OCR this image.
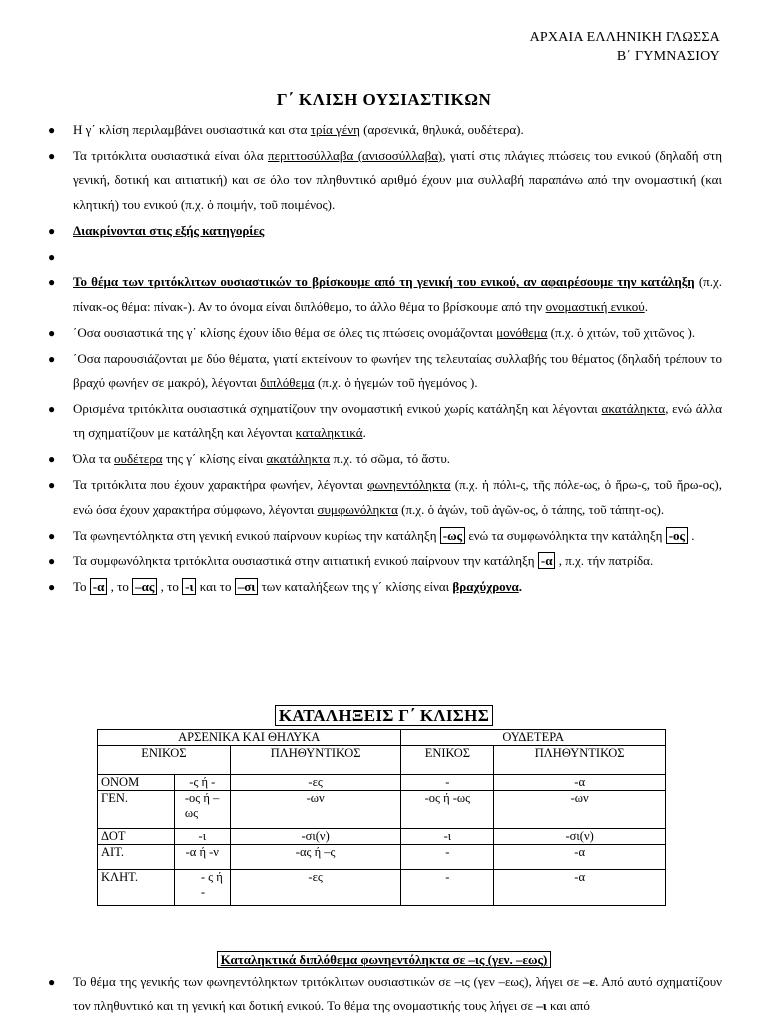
ΑΡΧΑΙΑ ΕΛΛΗΝΙΚΗ ΓΛΩΣΣΑ
Β΄ ΓΥΜΝΑΣΙΟΥ
Γ΄ ΚΛΙΣΗ ΟΥΣΙΑΣΤΙΚΩΝ
● Η γ΄ κλίση περιλαμβάνει ουσιαστικά και στα τρία γένη (αρσενικά, θηλυκά, ουδέτερα).
● Τα τριτόκλιτα ουσιαστικά είναι όλα περιττοσύλλαβα (ανισοσύλλαβα), γιατί στις πλάγιες πτώσεις του ενικού (δηλαδή στη γενική, δοτική και αιτιατική) και σε όλο τον πληθυντικό αριθμό έχουν μια συλλαβή παραπάνω από την ονομαστική (και κλητική) του ενικού (π.χ. ὁ ποιμήν, τοῦ ποιμένος).
● Διακρίνονται στις εξής κατηγορίες
●

● Το θέμα των τριτόκλιτων ουσιαστικών το βρίσκουμε από τη γενική του ενικού, αν αφαιρέσουμε την κατάληξη (π.χ. πίνακ-ος θέμα: πίνακ-). Αν το όνομα είναι διπλόθεμο, το άλλο θέμα το βρίσκουμε από την ονομαστική ενικού.
● ΄Οσα ουσιαστικά της γ΄ κλίσης έχουν ίδιο θέμα σε όλες τις πτώσεις ονομάζονται μονόθεμα (π.χ. ὁ χιτών, τοῦ χιτῶνος ).
● ΄Οσα παρουσιάζονται με δύο θέματα, γιατί εκτείνουν το φωνήεν της τελευταίας συλλαβής του θέματος (δηλαδή τρέπουν το βραχύ φωνήεν σε μακρό), λέγονται διπλόθεμα (π.χ. ὁ ἡγεμών τοῦ ἡγεμόνος ).
● Ορισμένα τριτόκλιτα ουσιαστικά σχηματίζουν την ονομαστική ενικού χωρίς κατάληξη και λέγονται ακατάληκτα, ενώ άλλα τη σχηματίζουν με κατάληξη και λέγονται καταληκτικά.
● Όλα τα ουδέτερα της γ΄ κλίσης είναι ακατάληκτα π.χ. τό σῶμα, τό ἄστυ.
● Τα τριτόκλιτα που έχουν χαρακτήρα φωνήεν, λέγονται φωνηεντόληκτα (π.χ. ἡ πόλι-ς, τῆς πόλε-ως, ὁ ἥρω-ς, τοῦ ἥρω-ος), ενώ όσα έχουν χαρακτήρα σύμφωνο, λέγονται συμφωνόληκτα (π.χ. ὁ ἀγών, τοῦ ἀγῶν-ος, ὁ τάπης, τοῦ τάπητ-ος).
● Τα φωνηεντόληκτα στη γενική ενικού παίρνουν κυρίως την κατάληξη -ως ενώ τα συμφωνόληκτα την κατάληξη -ος .
● Τα συμφωνόληκτα τριτόκλιτα ουσιαστικά στην αιτιατική ενικού παίρνουν την κατάληξη -α , π.χ. τήν πατρίδα.
● Το -α , το –ας , το -ι και το –σι των καταλήξεων της γ΄ κλίσης είναι βραχύχρονα.
ΚΑΤΑΛΗΞΕΙΣ Γ΄ ΚΛΙΣΗΣ
ΑΡΣΕΝΙΚΑ ΚΑΙ ΘΗΛΥΚΑ			ΟΥΔΕΤΕΡΑ	
ΕΝΙΚΟΣ		ΠΛΗΘΥΝΤΙΚΟΣ	ΕΝΙΚΟΣ	ΠΛΗΘΥΝΤΙΚΟΣ
ΟΝΟΜ	-ς ή -	-ες	-	-α
ΓΕΝ.	-ος ή –ως	-ων	-ος ή -ως	-ων
ΔΟΤ	-ι	-σι(ν)	-ι	-σι(ν)
ΑΙΤ.	-α ή -ν	-ας ή –ς	-	-α
ΚΛΗΤ.	- ς ή -	-ες	-	-α
Καταληκτικά διπλόθεμα φωνηεντόληκτα σε –ις (γεν. –εως)
● Το θέμα της γενικής των φωνηεντόληκτων τριτόκλιτων ουσιαστικών σε –ις (γεν –εως), λήγει σε –ε. Από αυτό σχηματίζουν τον πληθυντικό και τη γενική και δοτική ενικού. Το θέμα της ονομαστικής τους λήγει σε –ι και από
